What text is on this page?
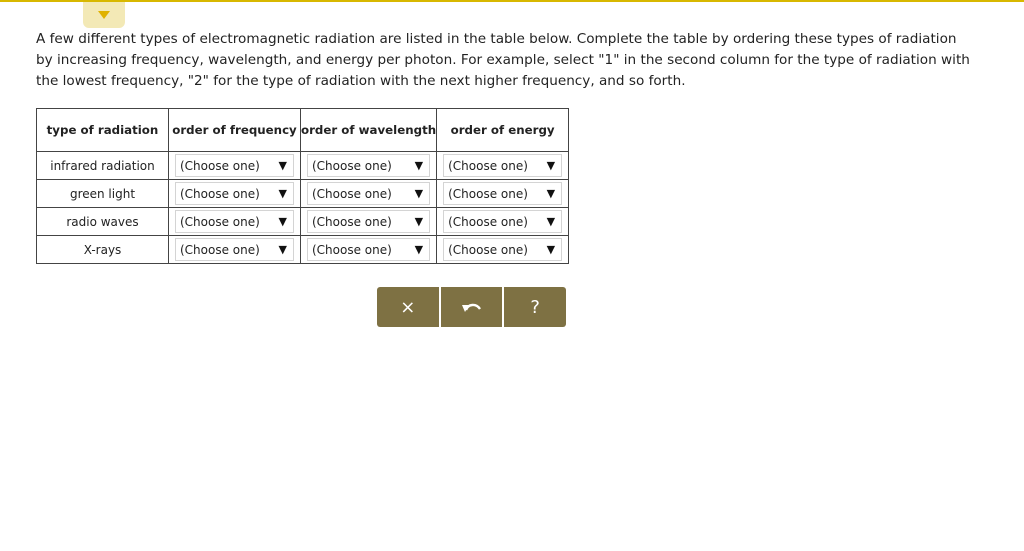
A few different types of electromagnetic radiation are listed in the table below. Complete the table by ordering these types of radiation by increasing frequency, wavelength, and energy per photon. For example, select "1" in the second column for the type of radiation with the lowest frequency, "2" for the type of radiation with the next higher frequency, and so forth.

type of radiation	order of frequency	order of wavelength	order of energy
infrared radiation	(Choose one) ▼	(Choose one) ▼	(Choose one) ▼

green light	(Choose one) ▼	(Choose one) ▼	(Choose one) ▼

radio waves	(Choose one) ▼	(Choose one) ▼	(Choose one) ▼

X-rays	(Choose one) ▼	(Choose one) ▼	(Choose one) ▼
×	?
